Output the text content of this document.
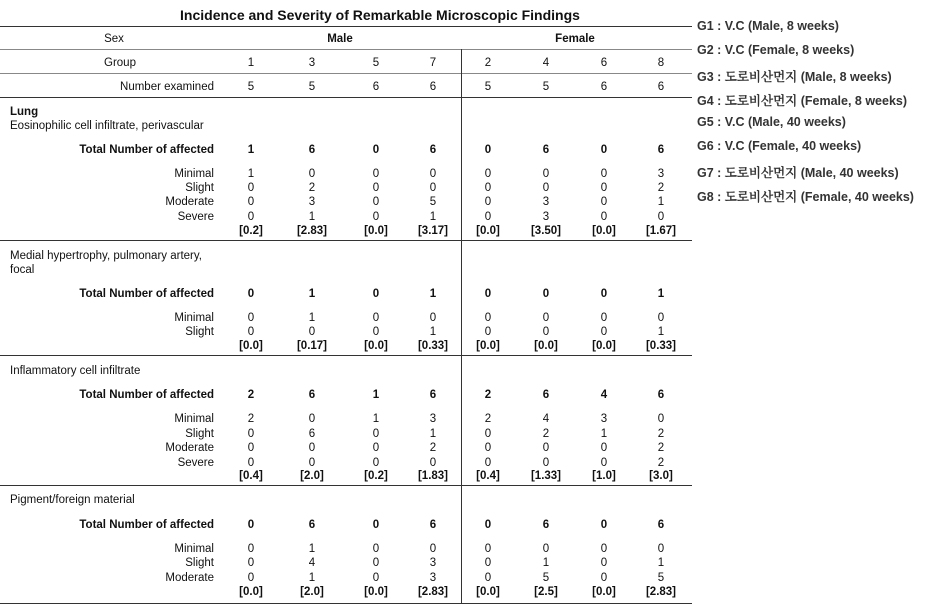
Incidence and Severity of Remarkable Microscopic Findings
Sex	Male	Female
Group	1	3	5	7	2	4	6	8
Number examined	5	5	6	6	5	5	6	6
Lung
Eosinophilic cell infiltrate, perivascular
Total Number of affected	1	6	0	6	0	6	0	6
Minimal	1	0	0	0	0	0	0	3
Slight	0	2	0	0	0	0	0	2
Moderate	0	3	0	5	0	3	0	1
Severe	0	1	0	1	0	3	0	0
[0.2]	[2.83]	[0.0]	[3.17]	[0.0]	[3.50]	[0.0]	[1.67]
Medial hypertrophy, pulmonary artery,
focal
Total Number of affected	0	1	0	1	0	0	0	1
Minimal	0	1	0	0	0	0	0	0
Slight	0	0	0	1	0	0	0	1
[0.0]	[0.17]	[0.0]	[0.33]	[0.0]	[0.0]	[0.0]	[0.33]
Inflammatory cell infiltrate
Total Number of affected	2	6	1	6	2	6	4	6
Minimal	2	0	1	3	2	4	3	0
Slight	0	6	0	1	0	2	1	2
Moderate	0	0	0	2	0	0	0	2
Severe	0	0	0	0	0	0	0	2
[0.4]	[2.0]	[0.2]	[1.83]	[0.4]	[1.33]	[1.0]	[3.0]
Pigment/foreign material
Total Number of affected	0	6	0	6	0	6	0	6
Minimal	0	1	0	0	0	0	0	0
Slight	0	4	0	3	0	1	0	1
Moderate	0	1	0	3	0	5	0	5
[0.0]	[2.0]	[0.0]	[2.83]	[0.0]	[2.5]	[0.0]	[2.83]
G1 : V.C (Male, 8 weeks)
G2 : V.C (Female, 8 weeks)
G3 : 도로비산먼지 (Male, 8 weeks)
G4 : 도로비산먼지 (Female, 8 weeks)
G5 : V.C (Male, 40 weeks)
G6 : V.C (Female, 40 weeks)
G7 : 도로비산먼지 (Male, 40 weeks)
G8 : 도로비산먼지 (Female, 40 weeks)
